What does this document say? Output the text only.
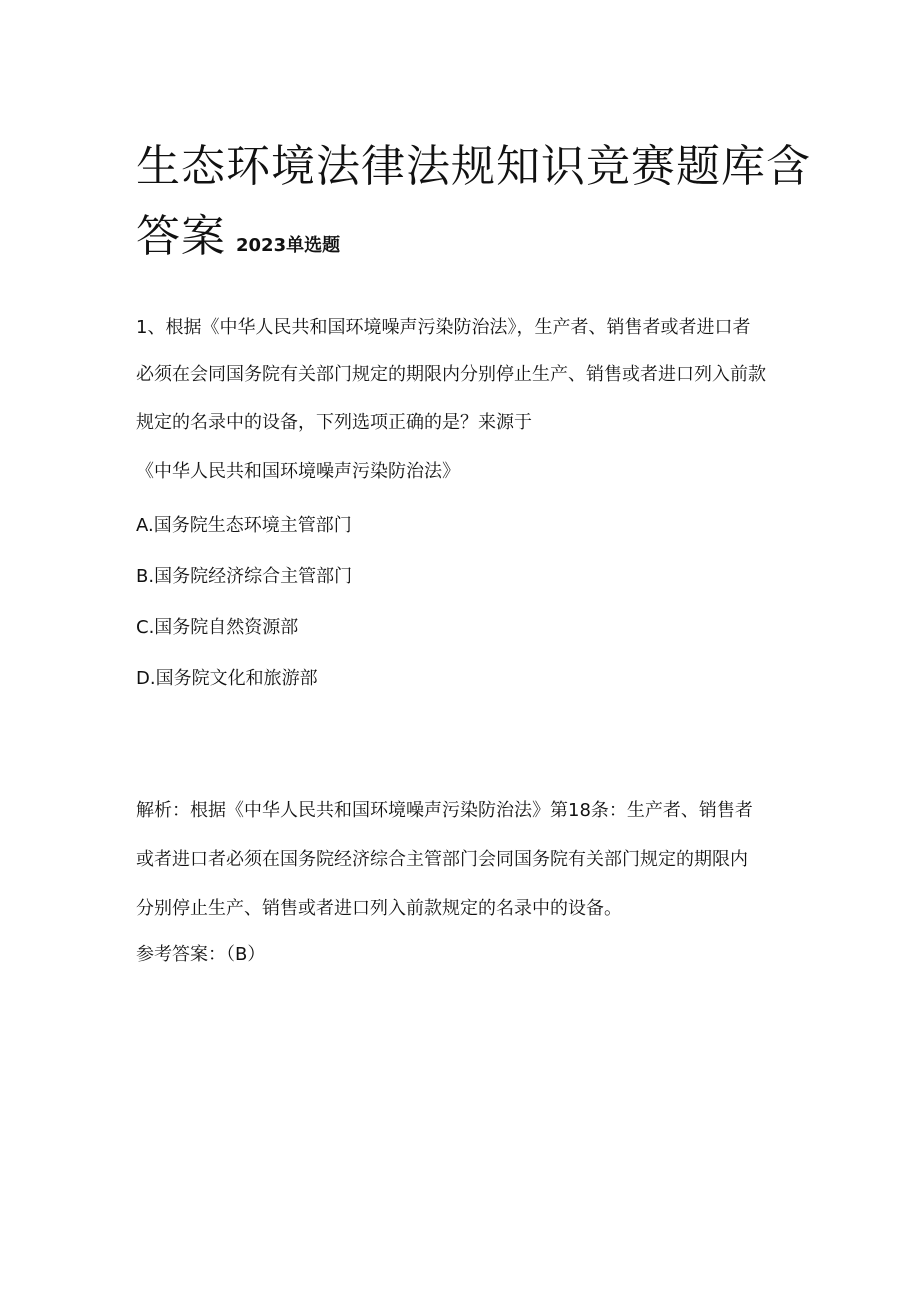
生态环境法律法规知识竞赛题库含
答案 2023单选题
1、根据《中华人民共和国环境噪声污染防治法》，生产者、销售者或者进口者
必须在会同国务院有关部门规定的期限内分别停止生产、销售或者进口列入前款
规定的名录中的设备，下列选项正确的是？来源于
《中华人民共和国环境噪声污染防治法》
A.国务院生态环境主管部门
B.国务院经济综合主管部门
C.国务院自然资源部
D.国务院文化和旅游部
解析：根据《中华人民共和国环境噪声污染防治法》第18条：生产者、销售者
或者进口者必须在国务院经济综合主管部门会同国务院有关部门规定的期限内
分别停止生产、销售或者进口列入前款规定的名录中的设备。
参考答案：（B）
